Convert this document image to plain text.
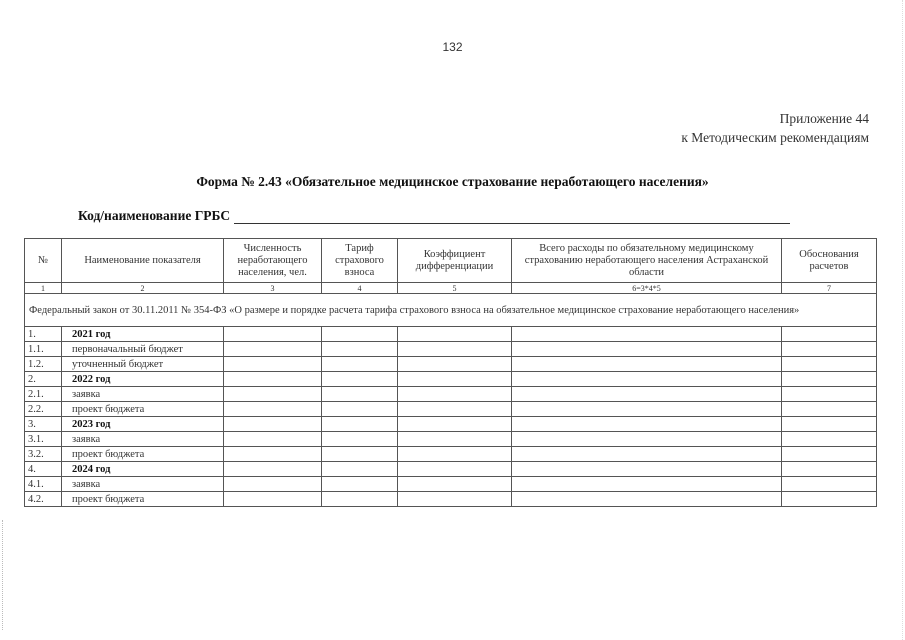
132
Приложение 44
к Методическим рекомендациям
Форма № 2.43 «Обязательное медицинское страхование неработающего населения»
Код/наименование ГРБС
№	Наименование показателя	Численность неработающего населения, чел.	Тариф страхового взноса	Коэффициент дифференциации	Всего расходы по обязательному медицинскому страхованию неработающего населения Астраханской области	Обоснования расчетов
1	2	3	4	5	6=3*4*5	7
Федеральный закон от 30.11.2011 № 354-ФЗ «О размере и порядке расчета тарифа страхового взноса на обязательное медицинское страхование неработающего населения»						
1.	2021 год					
1.1.	первоначальный бюджет					
1.2.	уточненный бюджет					
2.	2022 год					
2.1.	заявка					
2.2.	проект бюджета					
3.	2023 год					
3.1.	заявка					
3.2.	проект бюджета					
4.	2024 год					
4.1.	заявка					
4.2.	проект бюджета					
